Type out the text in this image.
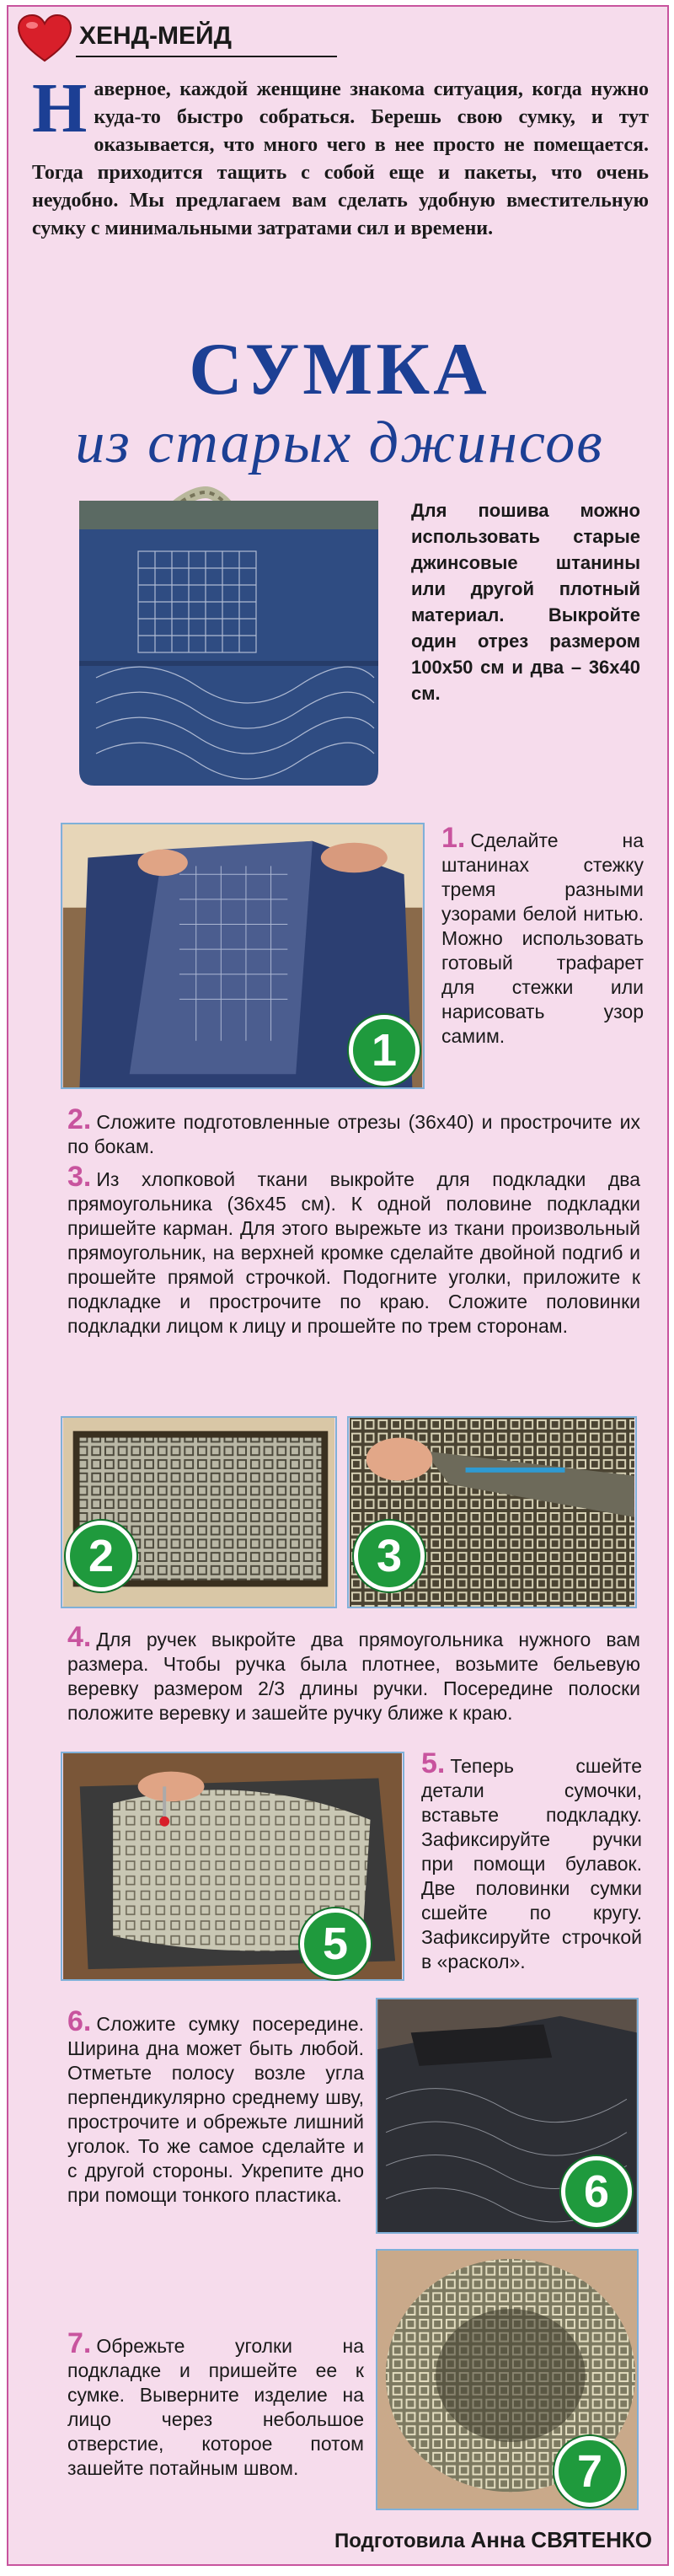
ХЕНД-МЕЙД
Н аверное, каждой женщине знакома ситуация, когда нужно куда-то быстро собраться. Берешь свою сумку, и тут оказывается, что много чего в нее просто не помещается. Тогда приходится тащить с собой еще и пакеты, что очень неудобно. Мы предлагаем вам сделать удобную вместительную сумку с минимальными затратами сил и времени.
СУМКА
из старых джинсов
Для пошива можно использовать старые джинсовые штанины или другой плотный материал. Выкройте один отрез размером 100х50 см и два – 36х40 см.
1
1. Сделайте на штанинах стежку тремя разными узорами белой нитью. Можно использовать готовый трафарет для стежки или нарисовать узор самим.
2. Сложите подготовленные отрезы (36х40) и прострочите их по бокам.
3. Из хлопковой ткани выкройте для подкладки два прямоугольника (36х45 см). К одной половине подкладки пришейте карман. Для этого вырежьте из ткани произвольный прямоугольник, на верхней кромке сделайте двойной подгиб и прошейте прямой строчкой. Подогните уголки, приложите к подкладке и прострочите по краю. Сложите половинки подкладки лицом к лицу и прошейте по трем сторонам.
2	3
4. Для ручек выкройте два прямоугольника нужного вам размера. Чтобы ручка была плотнее, возьмите бельевую веревку размером 2/3 длины ручки. Посередине полоски положите веревку и зашейте ручку ближе к краю.
5
5. Теперь сшейте детали сумочки, вставьте подкладку. Зафиксируйте ручки при помощи булавок. Две половинки сумки сшейте по кругу. Зафиксируйте строчкой в «раскол».
6. Сложите сумку посередине. Ширина дна может быть любой. Отметьте полосу возле угла перпендикулярно среднему шву, прострочите и обрежьте лишний уголок. То же самое сделайте и с другой стороны. Укрепите дно при помощи тонкого пластика.	6
7. Обрежьте уголки на подкладке и пришейте ее к сумке. Выверните изделие на лицо через небольшое отверстие, которое потом зашейте потайным швом.	7
Подготовила Анна СВЯТЕНКО
